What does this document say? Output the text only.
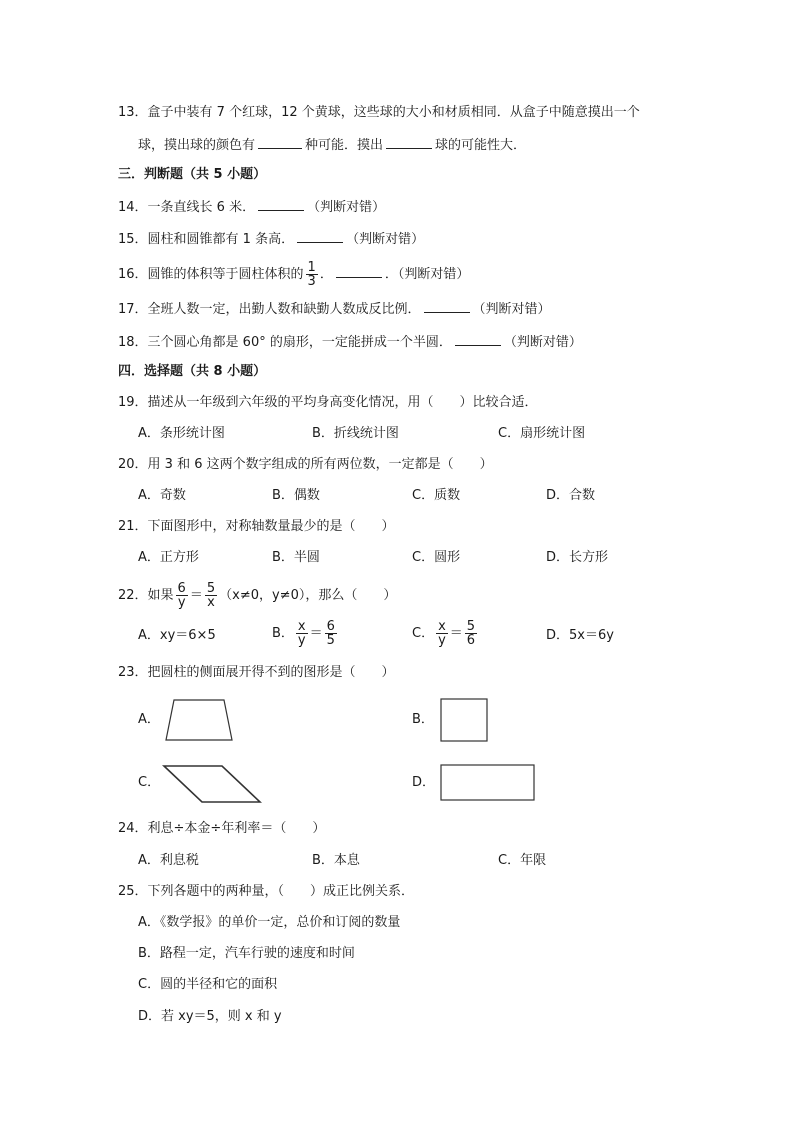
13．盒子中装有 7 个红球，12 个黄球，这些球的大小和材质相同．从盒子中随意摸出一个
球，摸出球的颜色有	种可能．摸出	球的可能性大．
三．判断题（共 5 小题）
14．一条直线长 6 米．	（判断对错）
15．圆柱和圆锥都有 1 条高．	（判断对错）
16．圆锥的体积等于圆柱体积的 $\frac{1}{3}$ ．	．（判断对错）
17．全班人数一定，出勤人数和缺勤人数成反比例．	（判断对错）
18．三个圆心角都是 60° 的扇形，一定能拼成一个半圆．	（判断对错）
四．选择题（共 8 小题）
19．描述从一年级到六年级的平均身高变化情况，用（　　）比较合适．
A．条形统计图	B．折线统计图	C．扇形统计图
20．用 3 和 6 这两个数字组成的所有两位数，一定都是（　　）
A．奇数	B．偶数	C．质数	D．合数
21．下面图形中，对称轴数量最少的是（　　）
A．正方形	B．半圆	C．圆形	D．长方形
22．如果 $\frac{6}{y} = \frac{5}{x} (x\ne 0$，y≠0），那么（　　）
A．xy＝6×5	B． $\frac{x}{y} = \frac{6}{5}$	C． $\frac{x}{y} = \frac{5}{6}$	D．5x＝6y
23．把圆柱的侧面展开得不到的图形是（　　）
A．	B．
C．	D．
24．利息÷本金÷年利率＝（　　）
A．利息税	B．本息	C．年限
25．下列各题中的两种量，（　　）成正比例关系．
A．《数学报》的单价一定，总价和订阅的数量
B．路程一定，汽车行驶的速度和时间
C．圆的半径和它的面积
D．若 xy＝5，则 x 和 y
